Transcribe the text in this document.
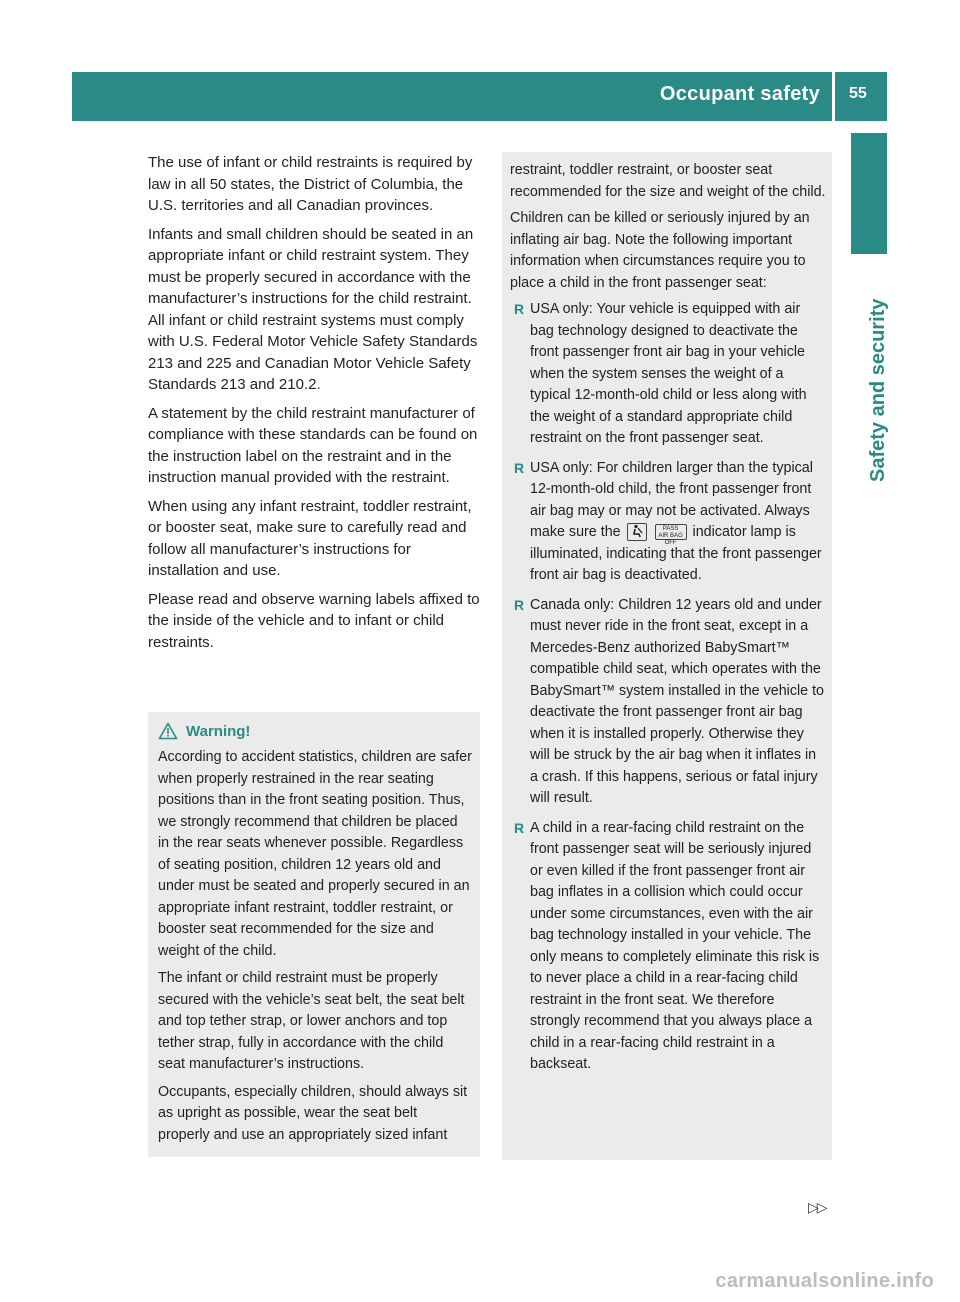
Occupant safety 55
Safety and security

The use of infant or child restraints is required by law in all 50 states, the District of Columbia, the U.S. territories and all Canadian provinces.

Infants and small children should be seated in an appropriate infant or child restraint system. They must be properly secured in accordance with the manufacturer’s instructions for the child restraint. All infant or child restraint systems must comply with U.S. Federal Motor Vehicle Safety Standards 213 and 225 and Canadian Motor Vehicle Safety Standards 213 and 210.2.

A statement by the child restraint manufacturer of compliance with these standards can be found on the instruction label on the restraint and in the instruction manual provided with the restraint.

When using any infant restraint, toddler restraint, or booster seat, make sure to carefully read and follow all manufacturer’s instructions for installation and use.

Please read and observe warning labels affixed to the inside of the vehicle and to infant or child restraints.

Warning!

According to accident statistics, children are safer when properly restrained in the rear seating positions than in the front seating position. Thus, we strongly recommend that children be placed in the rear seats whenever possible. Regardless of seating position, children 12 years old and under must be seated and properly secured in an appropriate infant restraint, toddler restraint, or booster seat recommended for the size and weight of the child.

The infant or child restraint must be properly secured with the vehicle’s seat belt, the seat belt and top tether strap, or lower anchors and top tether strap, fully in accordance with the child seat manufacturer’s instructions.

Occupants, especially children, should always sit as upright as possible, wear the seat belt properly and use an appropriately sized infant

restraint, toddler restraint, or booster seat recommended for the size and weight of the child.

Children can be killed or seriously injured by an inflating air bag. Note the following important information when circumstances require you to place a child in the front passenger seat:

R USA only: Your vehicle is equipped with air bag technology designed to deactivate the front passenger front air bag in your vehicle when the system senses the weight of a typical 12-month-old child or less along with the weight of a standard appropriate child restraint on the front passenger seat.
R USA only: For children larger than the typical 12-month-old child, the front passenger front air bag may or may not be activated. Always make sure the	PASS
AIR BAG OFF indicator lamp is illuminated, indicating that the front passenger front air bag is deactivated.
R Canada only: Children 12 years old and under must never ride in the front seat, except in a Mercedes-Benz authorized BabySmart™ compatible child seat, which operates with the BabySmart™ system installed in the vehicle to deactivate the front passenger front air bag when it is installed properly. Otherwise they will be struck by the air bag when it inflates in a crash. If this happens, serious or fatal injury will result.
R A child in a rear-facing child restraint on the front passenger seat will be seriously injured or even killed if the front passenger front air bag inflates in a collision which could occur under some circumstances, even with the air bag technology installed in your vehicle. The only means to completely eliminate this risk is to never place a child in a rear-facing child restraint in the front seat. We therefore strongly recommend that you always place a child in a rear-facing child restraint in a backseat.
▷▷
carmanualsonline.info
